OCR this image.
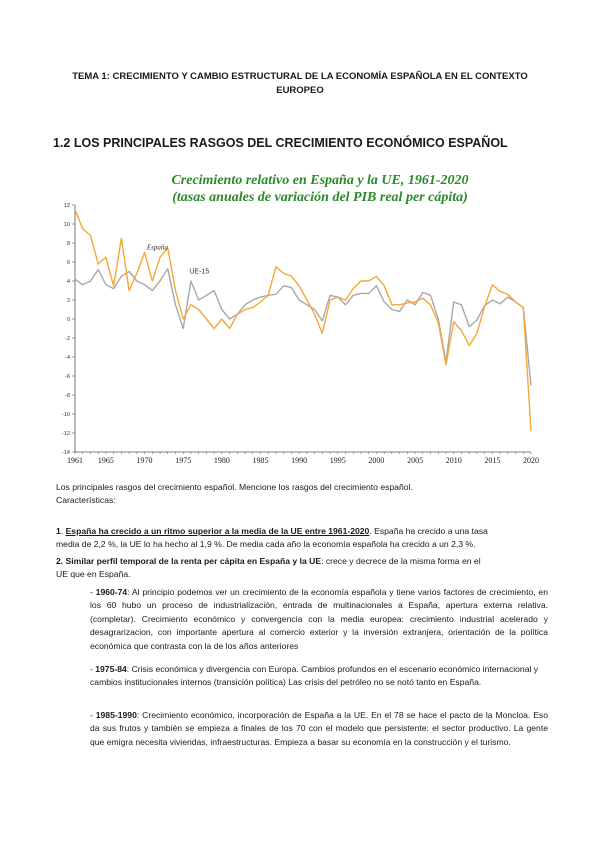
TEMA 1: CRECIMIENTO Y CAMBIO ESTRUCTURAL DE LA ECONOMÍA ESPAÑOLA EN EL CONTEXTO
EUROPEO
1.2 LOS PRINCIPALES RASGOS DEL CRECIMIENTO ECONÓMICO ESPAÑOL
Crecimiento relativo en España y la UE, 1961-2020
(tasas anuales de variación del PIB real per cápita)
12
10
8
6
4
2
0
-2
-4
-6
-8
-10
-12
-14
1961 1965	1970	1975	1980	1985	1990	1995	2000	2005	2010	2015	2020
España
UE-15
Los principales rasgos del crecimiento español. Mencione los rasgos del crecimiento español.
Características:
1. España ha crecido a un ritmo superior a la media de la UE entre 1961-2020. España ha crecido a una tasa
media de 2,2 %, la UE lo ha hecho al 1,9 %. De media cada año la economía española ha crecido a un 2,3 %.
2. Similar perfil temporal de la renta per cápita en España y la UE: crece y decrece de la misma forma en el
UE que en España.
- 1960-74: Al principio podemos ver un crecimiento de la economía española y tiene varios factores de crecimiento, en los 60 hubo un proceso de industrialización, entrada de multinacionales a España, apertura externa relativa. (completar). Crecimiento económico y convergencia con la media europea: crecimiento industrial acelerado y desagrarizacion, con importante apertura al comercio exterior y la inversión extranjera, orientación de la política económica que contrasta con la de los años anteriores
- 1975-84: Crisis económica y divergencia con Europa. Cambios profundos en el escenario económico internacional y cambios institucionales internos (transición política) Las crisis del petróleo no se notó tanto en España.
- 1985-1990: Crecimiento económico, incorporación de España a la UE. En el 78 se hace el pacto de la Moncloa. Eso da sus frutos y también se empieza a finales de los 70 con el modelo que persistente: el sector productivo. La gente que emigra necesita viviendas, infraestructuras. Empieza a basar su economía en la construcción y el turismo.
